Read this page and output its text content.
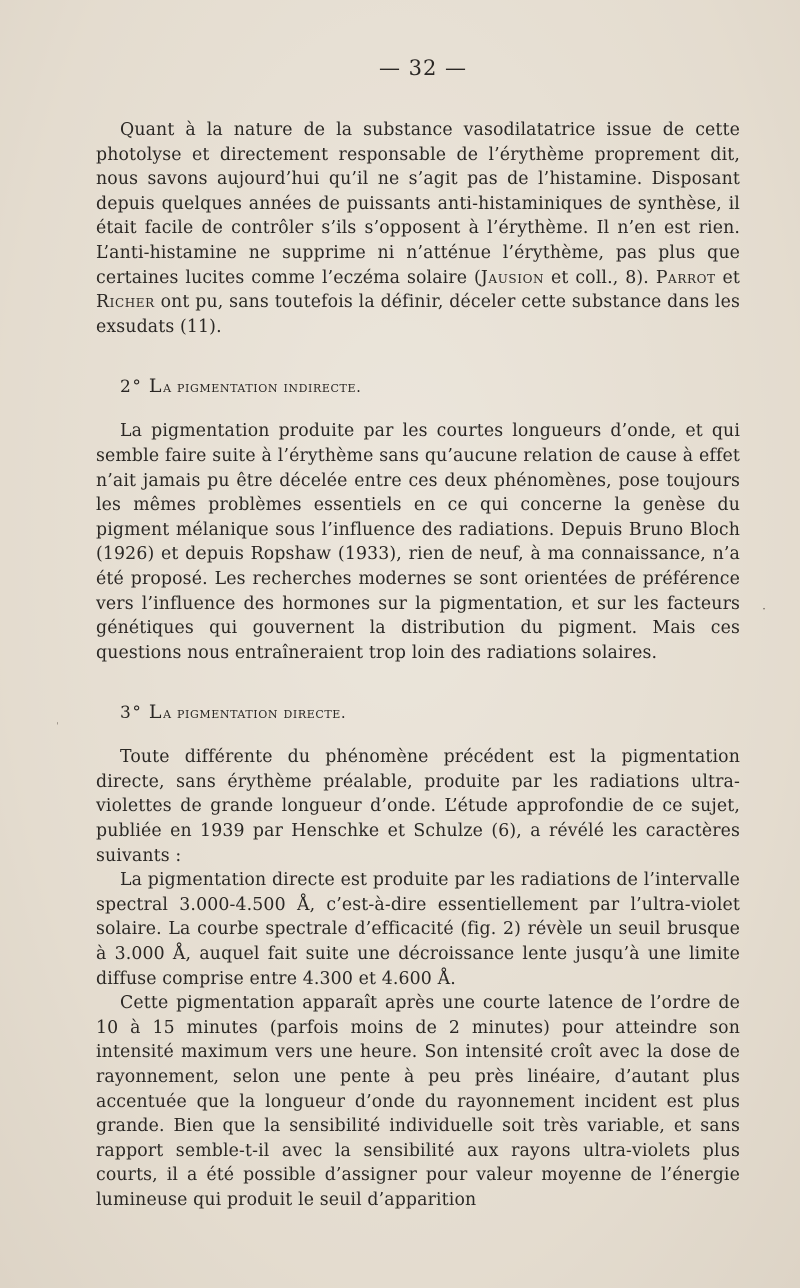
— 32 —

Quant à la nature de la substance vasodilatatrice issue de cette photolyse et directement responsable de l’érythème proprement dit, nous savons aujourd’hui qu’il ne s’agit pas de l’histamine. Disposant depuis quelques années de puissants anti-histaminiques de synthèse, il était facile de contrôler s’ils s’opposent à l’érythème. Il n’en est rien. L’anti-histamine ne supprime ni n’atténue l’érythème, pas plus que certaines lucites comme l’eczéma solaire (Jausion et coll., 8). Parrot et Richer ont pu, sans toutefois la définir, déceler cette substance dans les exsudats (11).

2° La pigmentation indirecte.

La pigmentation produite par les courtes longueurs d’onde, et qui semble faire suite à l’érythème sans qu’aucune relation de cause à effet n’ait jamais pu être décelée entre ces deux phénomènes, pose toujours les mêmes problèmes essentiels en ce qui concerne la genèse du pigment mélanique sous l’influence des radiations. Depuis Bruno Bloch (1926) et depuis Ropshaw (1933), rien de neuf, à ma connaissance, n’a été proposé. Les recherches modernes se sont orientées de préférence vers l’influence des hormones sur la pigmentation, et sur les facteurs génétiques qui gouvernent la distribution du pigment. Mais ces questions nous entraîneraient trop loin des radiations solaires.

3° La pigmentation directe.

Toute différente du phénomène précédent est la pigmentation directe, sans érythème préalable, produite par les radiations ultra-violettes de grande longueur d’onde. L’étude approfondie de ce sujet, publiée en 1939 par Henschke et Schulze (6), a révélé les caractères suivants :

La pigmentation directe est produite par les radiations de l’intervalle spectral 3.000-4.500 Å, c’est-à-dire essentiellement par l’ultra-violet solaire. La courbe spectrale d’efficacité (fig. 2) révèle un seuil brusque à 3.000 Å, auquel fait suite une décroissance lente jusqu’à une limite diffuse comprise entre 4.300 et 4.600 Å.

Cette pigmentation apparaît après une courte latence de l’ordre de 10 à 15 minutes (parfois moins de 2 minutes) pour atteindre son intensité maximum vers une heure. Son intensité croît avec la dose de rayonnement, selon une pente à peu près linéaire, d’autant plus accentuée que la longueur d’onde du rayonnement incident est plus grande. Bien que la sensibilité individuelle soit très variable, et sans rapport semble-t-il avec la sensibilité aux rayons ultra-violets plus courts, il a été possible d’assigner pour valeur moyenne de l’énergie lumineuse qui produit le seuil d’apparition

·
ˈ
